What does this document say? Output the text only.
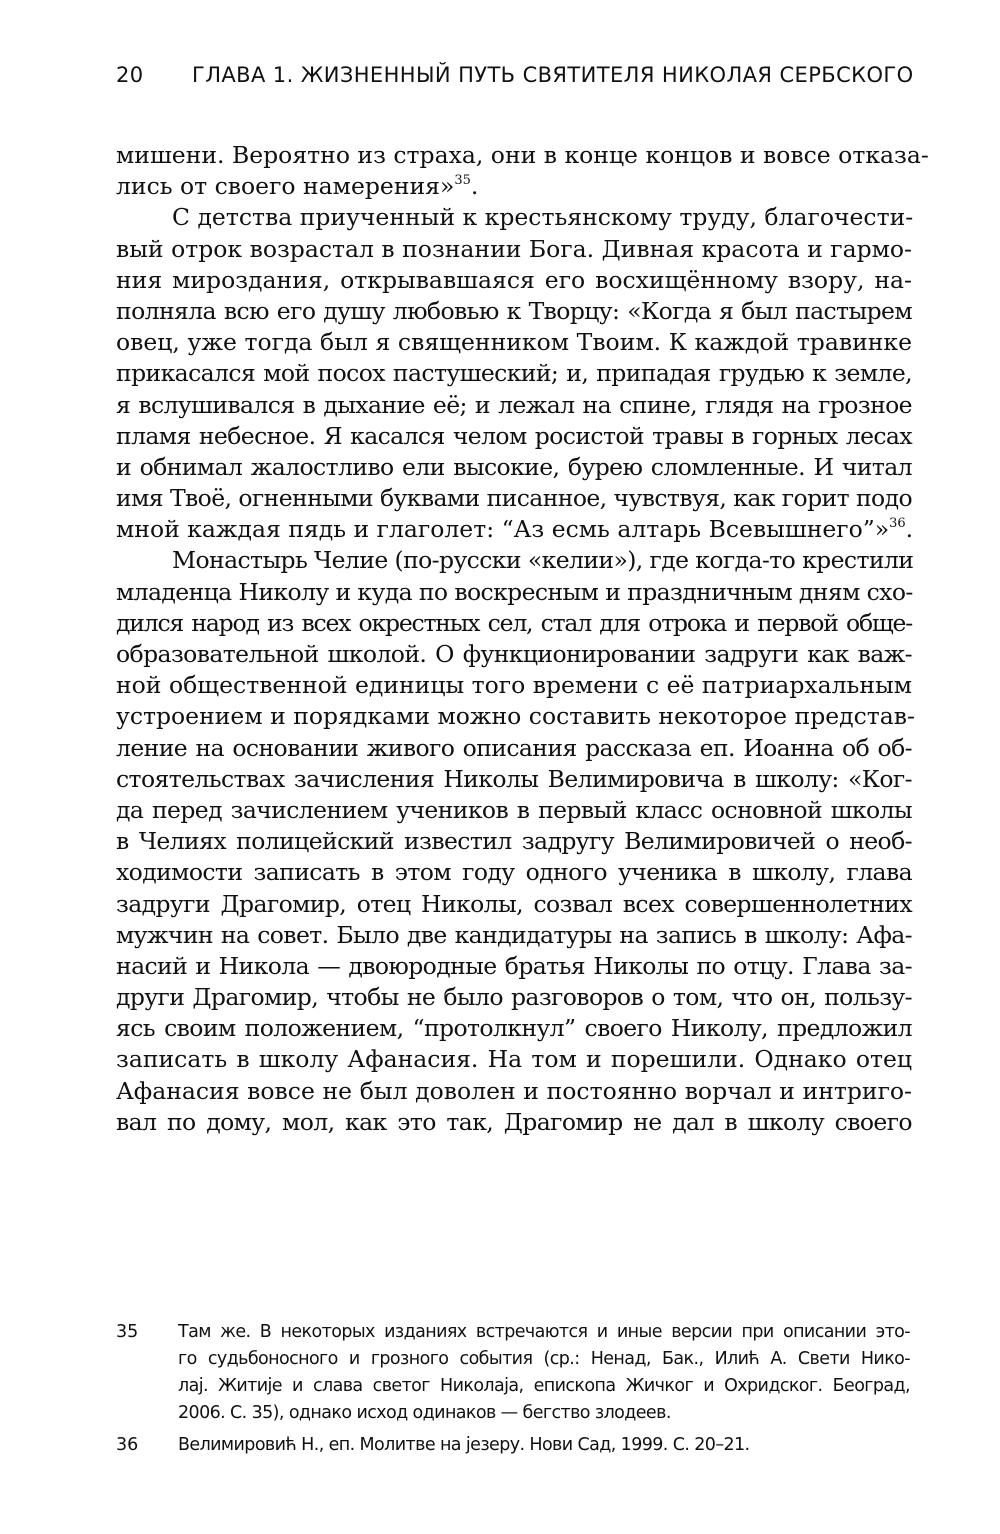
20 ГЛАВА 1. ЖИЗНЕННЫЙ ПУТЬ СВЯТИТЕЛЯ НИКОЛАЯ СЕРБСКОГО
мишени. Вероятно из страха, они в конце концов и вовсе отказа-
лись от своего намерения»$^{35}$.
С детства приученный к крестьянскому труду, благочести-
вый отрок возрастал в познании Бога. Дивная красота и гармо-
ния мироздания, открывавшаяся его восхищённому взору, на-
полняла всю его душу любовью к Творцу: «Когда я был пастырем
овец, уже тогда был я священником Твоим. К каждой травинке
прикасался мой посох пастушеский; и, припадая грудью к земле,
я вслушивался в дыхание её; и лежал на спине, глядя на грозное
пламя небесное. Я касался челом росистой травы в горных лесах
и обнимал жалостливо ели высокие, бурею сломленные. И читал
имя Твоё, огненными буквами писанное, чувствуя, как горит подо
мной каждая пядь и глаголет: “Аз есмь алтарь Всевышнего”»$^{36}$.
Монастырь Челие (по-русски «келии»), где когда-то крестили
младенца Николу и куда по воскресным и праздничным дням схо-
дился народ из всех окрестных сел, стал для отрока и первой обще-
образовательной школой. О функционировании задруги как важ-
ной общественной единицы того времени с её патриархальным
устроением и порядками можно составить некоторое представ-
ление на основании живого описания рассказа еп. Иоанна об об-
стоятельствах зачисления Николы Велимировича в школу: «Ког-
да перед зачислением учеников в первый класс основной школы
в Челиях полицейский известил задругу Велимировичей о необ-
ходимости записать в этом году одного ученика в школу, глава
задруги Драгомир, отец Николы, созвал всех совершеннолетних
мужчин на совет. Было две кандидатуры на запись в школу: Афа-
насий и Никола — двоюродные братья Николы по отцу. Глава за-
други Драгомир, чтобы не было разговоров о том, что он, пользу-
ясь своим положением, “протолкнул” своего Николу, предложил
записать в школу Афанасия. На том и порешили. Однако отец
Афанасия вовсе не был доволен и постоянно ворчал и интриго-
вал по дому, мол, как это так, Драгомир не дал в школу своего
35 Там же. В некоторых изданиях встречаются и иные версии при описании это-
го судьбоносного и грозного события (ср.: Ненад, Бак., Илић А. Свети Нико-
лај. Житије и слава светог Николаја, епископа Жичког и Охридског. Београд,
2006. С. 35), однако исход одинаков — бегство злодеев.
36 Велимировић Н., еп. Молитве на језеру. Нови Сад, 1999. С. 20–21.
